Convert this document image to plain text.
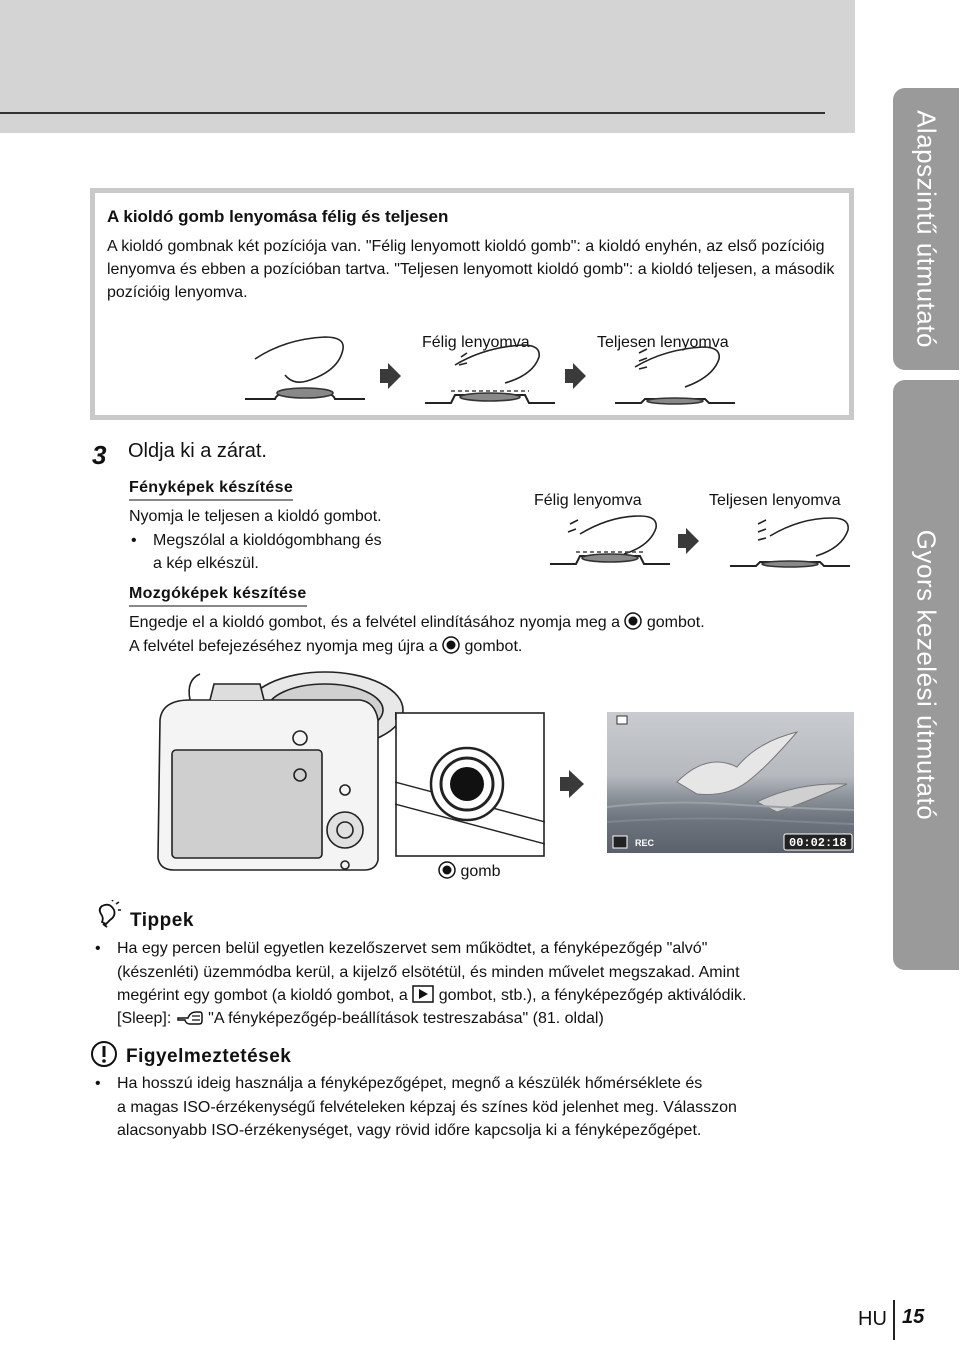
Alapszintű útmutató
Gyors kezelési útmutató
A kioldó gomb lenyomása félig és teljesen
A kioldó gombnak két pozíciója van. "Félig lenyomott kioldó gomb": a kioldó enyhén, az első pozícióig lenyomva és ebben a pozícióban tartva. "Teljesen lenyomott kioldó gomb": a kioldó teljesen, a második pozícióig lenyomva.
Félig lenyomva	Teljesen lenyomva
3 Oldja ki a zárat.
Fényképek készítése
Nyomja le teljesen a kioldó gombot.
• Megszólal a kioldógombhang és
a kép elkészül.
Félig lenyomva	Teljesen lenyomva
Mozgóképek készítése
Engedje el a kioldó gombot, és a felvétel elindításához nyomja meg a gombot.
A felvétel befejezéséhez nyomja meg újra a gombot.
gomb
REC	00:02:18
Tippek
• Ha egy percen belül egyetlen kezelőszervet sem működtet, a fényképezőgép "alvó"
(készenléti) üzemmódba kerül, a kijelző elsötétül, és minden művelet megszakad. Amint
megérint egy gombot (a kioldó gombot, a gombot, stb.), a fényképezőgép aktiválódik.
[Sleep]: "A fényképezőgép-beállítások testreszabása" (81. oldal)
Figyelmeztetések
• Ha hosszú ideig használja a fényképezőgépet, megnő a készülék hőmérséklete és
a magas ISO-érzékenységű felvételeken képzaj és színes köd jelenhet meg. Válasszon
alacsonyabb ISO-érzékenységet, vagy rövid időre kapcsolja ki a fényképezőgépet.
HU 15
